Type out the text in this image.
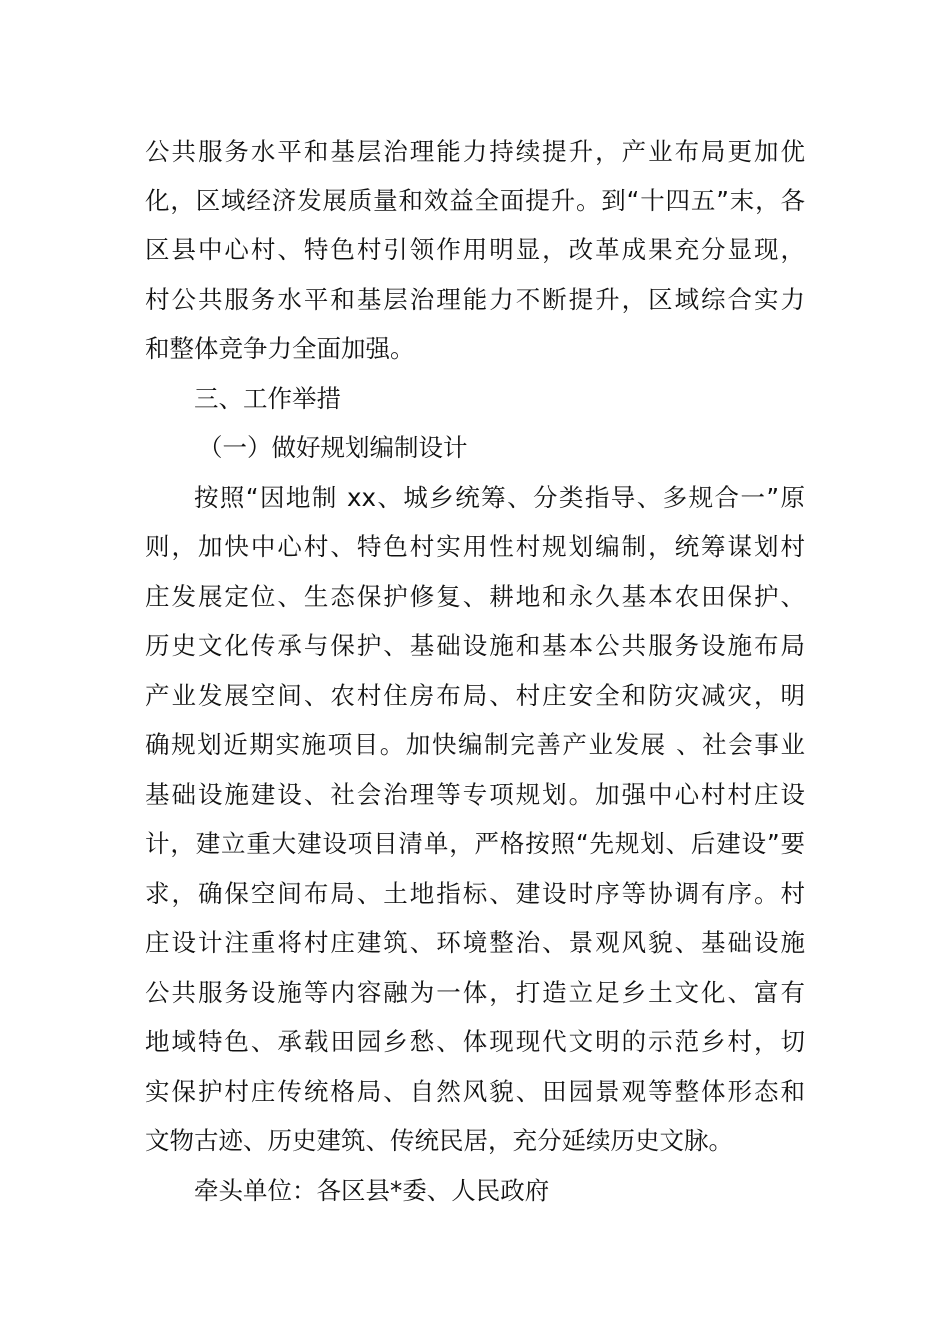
公共服务水平和基层治理能力持续提升，产业布局更加优
化，区域经济发展质量和效益全面提升。到“十四五”末，各
区县中心村、特色村引领作用明显，改革成果充分显现，
村公共服务水平和基层治理能力不断提升，区域综合实力
和整体竞争力全面加强。
三、工作举措
（一）做好规划编制设计
按照“因地制 xx、城乡统筹、分类指导、多规合一”原
则，加快中心村、特色村实用性村规划编制，统筹谋划村
庄发展定位、生态保护修复、耕地和永久基本农田保护、
历史文化传承与保护、基础设施和基本公共服务设施布局
产业发展空间、农村住房布局、村庄安全和防灾减灾，明
确规划近期实施项目。加快编制完善产业发展 、社会事业
基础设施建设、社会治理等专项规划。加强中心村村庄设
计，建立重大建设项目清单，严格按照“先规划、后建设”要
求，确保空间布局、土地指标、建设时序等协调有序。村
庄设计注重将村庄建筑、环境整治、景观风貌、基础设施
公共服务设施等内容融为一体，打造立足乡土文化、富有
地域特色、承载田园乡愁、体现现代文明的示范乡村，切
实保护村庄传统格局、自然风貌、田园景观等整体形态和
文物古迹、历史建筑、传统民居，充分延续历史文脉。
牵头单位：各区县*委、人民政府
